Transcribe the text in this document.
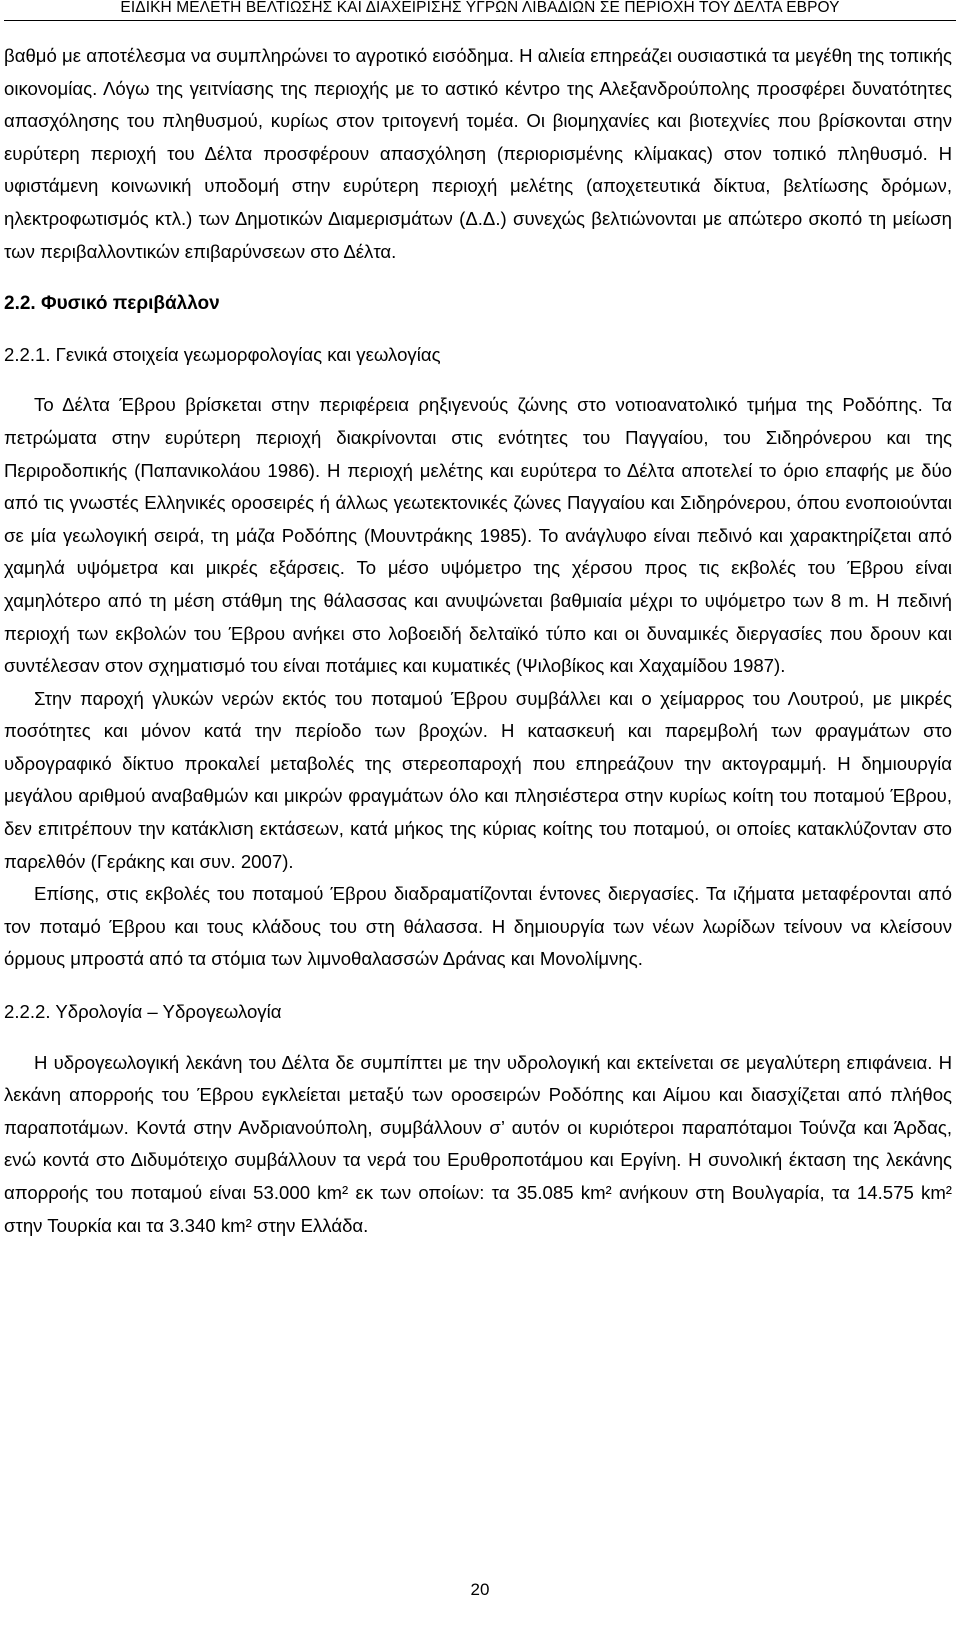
ΕΙΔΙΚΗ ΜΕΛΕΤΗ ΒΕΛΤΙΩΣΗΣ ΚΑΙ ΔΙΑΧΕΙΡΙΣΗΣ ΥΓΡΩΝ ΛΙΒΑΔΙΩΝ ΣΕ ΠΕΡΙΟΧΗ ΤΟΥ ΔΕΛΤΑ ΕΒΡΟΥ

βαθμό με αποτέλεσμα να συμπληρώνει το αγροτικό εισόδημα. Η αλιεία επηρεάζει ουσιαστικά τα μεγέθη της τοπικής οικονομίας. Λόγω της γειτνίασης της περιοχής με το αστικό κέντρο της Αλεξανδρούπολης προσφέρει δυνατότητες απασχόλησης του πληθυσμού, κυρίως στον τριτογενή τομέα. Οι βιομηχανίες και βιοτεχνίες που βρίσκονται στην ευρύτερη περιοχή του Δέλτα προσφέρουν απασχόληση (περιορισμένης κλίμακας) στον τοπικό πληθυσμό. Η υφιστάμενη κοινωνική υποδομή στην ευρύτερη περιοχή μελέτης (αποχετευτικά δίκτυα, βελτίωσης δρόμων, ηλεκτροφωτισμός κτλ.) των Δημοτικών Διαμερισμάτων (Δ.Δ.) συνεχώς βελτιώνονται με απώτερο σκοπό τη μείωση των περιβαλλοντικών επιβαρύνσεων στο Δέλτα.

2.2. Φυσικό περιβάλλον

2.2.1. Γενικά στοιχεία γεωμορφολογίας και γεωλογίας

Το Δέλτα Έβρου βρίσκεται στην περιφέρεια ρηξιγενούς ζώνης στο νοτιοανατολικό τμήμα της Ροδόπης. Τα πετρώματα στην ευρύτερη περιοχή διακρίνονται στις ενότητες του Παγγαίου, του Σιδηρόνερου και της Περιροδοπικής (Παπανικολάου 1986). Η περιοχή μελέτης και ευρύτερα το Δέλτα αποτελεί το όριο επαφής με δύο από τις γνωστές Ελληνικές οροσειρές ή άλλως γεωτεκτονικές ζώνες Παγγαίου και Σιδηρόνερου, όπου ενοποιούνται σε μία γεωλογική σειρά, τη μάζα Ροδόπης (Μουντράκης 1985). Το ανάγλυφο είναι πεδινό και χαρακτηρίζεται από χαμηλά υψόμετρα και μικρές εξάρσεις. Το μέσο υψόμετρο της χέρσου προς τις εκβολές του Έβρου είναι χαμηλότερο από τη μέση στάθμη της θάλασσας και ανυψώνεται βαθμιαία μέχρι το υψόμετρο των 8 m. Η πεδινή περιοχή των εκβολών του Έβρου ανήκει στο λοβοειδή δελταϊκό τύπο και οι δυναμικές διεργασίες που δρουν και συντέλεσαν στον σχηματισμό του είναι ποτάμιες και κυματικές (Ψιλοβίκος και Χαχαμίδου 1987).

Στην παροχή γλυκών νερών εκτός του ποταμού Έβρου συμβάλλει και ο χείμαρρος του Λουτρού, με μικρές ποσότητες και μόνον κατά την περίοδο των βροχών. Η κατασκευή και παρεμβολή των φραγμάτων στο υδρογραφικό δίκτυο προκαλεί μεταβολές της στερεοπαροχή που επηρεάζουν την ακτογραμμή. Η δημιουργία μεγάλου αριθμού αναβαθμών και μικρών φραγμάτων όλο και πλησιέστερα στην κυρίως κοίτη του ποταμού Έβρου, δεν επιτρέπουν την κατάκλιση εκτάσεων, κατά μήκος της κύριας κοίτης του ποταμού, οι οποίες κατακλύζονταν στο παρελθόν (Γεράκης και συν. 2007).

Επίσης, στις εκβολές του ποταμού Έβρου διαδραματίζονται έντονες διεργασίες. Τα ιζήματα μεταφέρονται από τον ποταμό Έβρου και τους κλάδους του στη θάλασσα. Η δημιουργία των νέων λωρίδων τείνουν να κλείσουν όρμους μπροστά από τα στόμια των λιμνοθαλασσών Δράνας και Μονολίμνης.

2.2.2. Υδρολογία – Υδρογεωλογία

Η υδρογεωλογική λεκάνη του Δέλτα δε συμπίπτει με την υδρολογική και εκτείνεται σε μεγαλύτερη επιφάνεια. Η λεκάνη απορροής του Έβρου εγκλείεται μεταξύ των οροσειρών Ροδόπης και Αίμου και διασχίζεται από πλήθος παραποτάμων. Κοντά στην Ανδριανούπολη, συμβάλλουν σ’ αυτόν οι κυριότεροι παραπόταμοι Τούνζα και Άρδας, ενώ κοντά στο Διδυμότειχο συμβάλλουν τα νερά του Ερυθροποτάμου και Εργίνη. Η συνολική έκταση της λεκάνης απορροής του ποταμού είναι 53.000 km² εκ των οποίων: τα 35.085 km² ανήκουν στη Βουλγαρία, τα 14.575 km² στην Τουρκία και τα 3.340 km² στην Ελλάδα.

20
